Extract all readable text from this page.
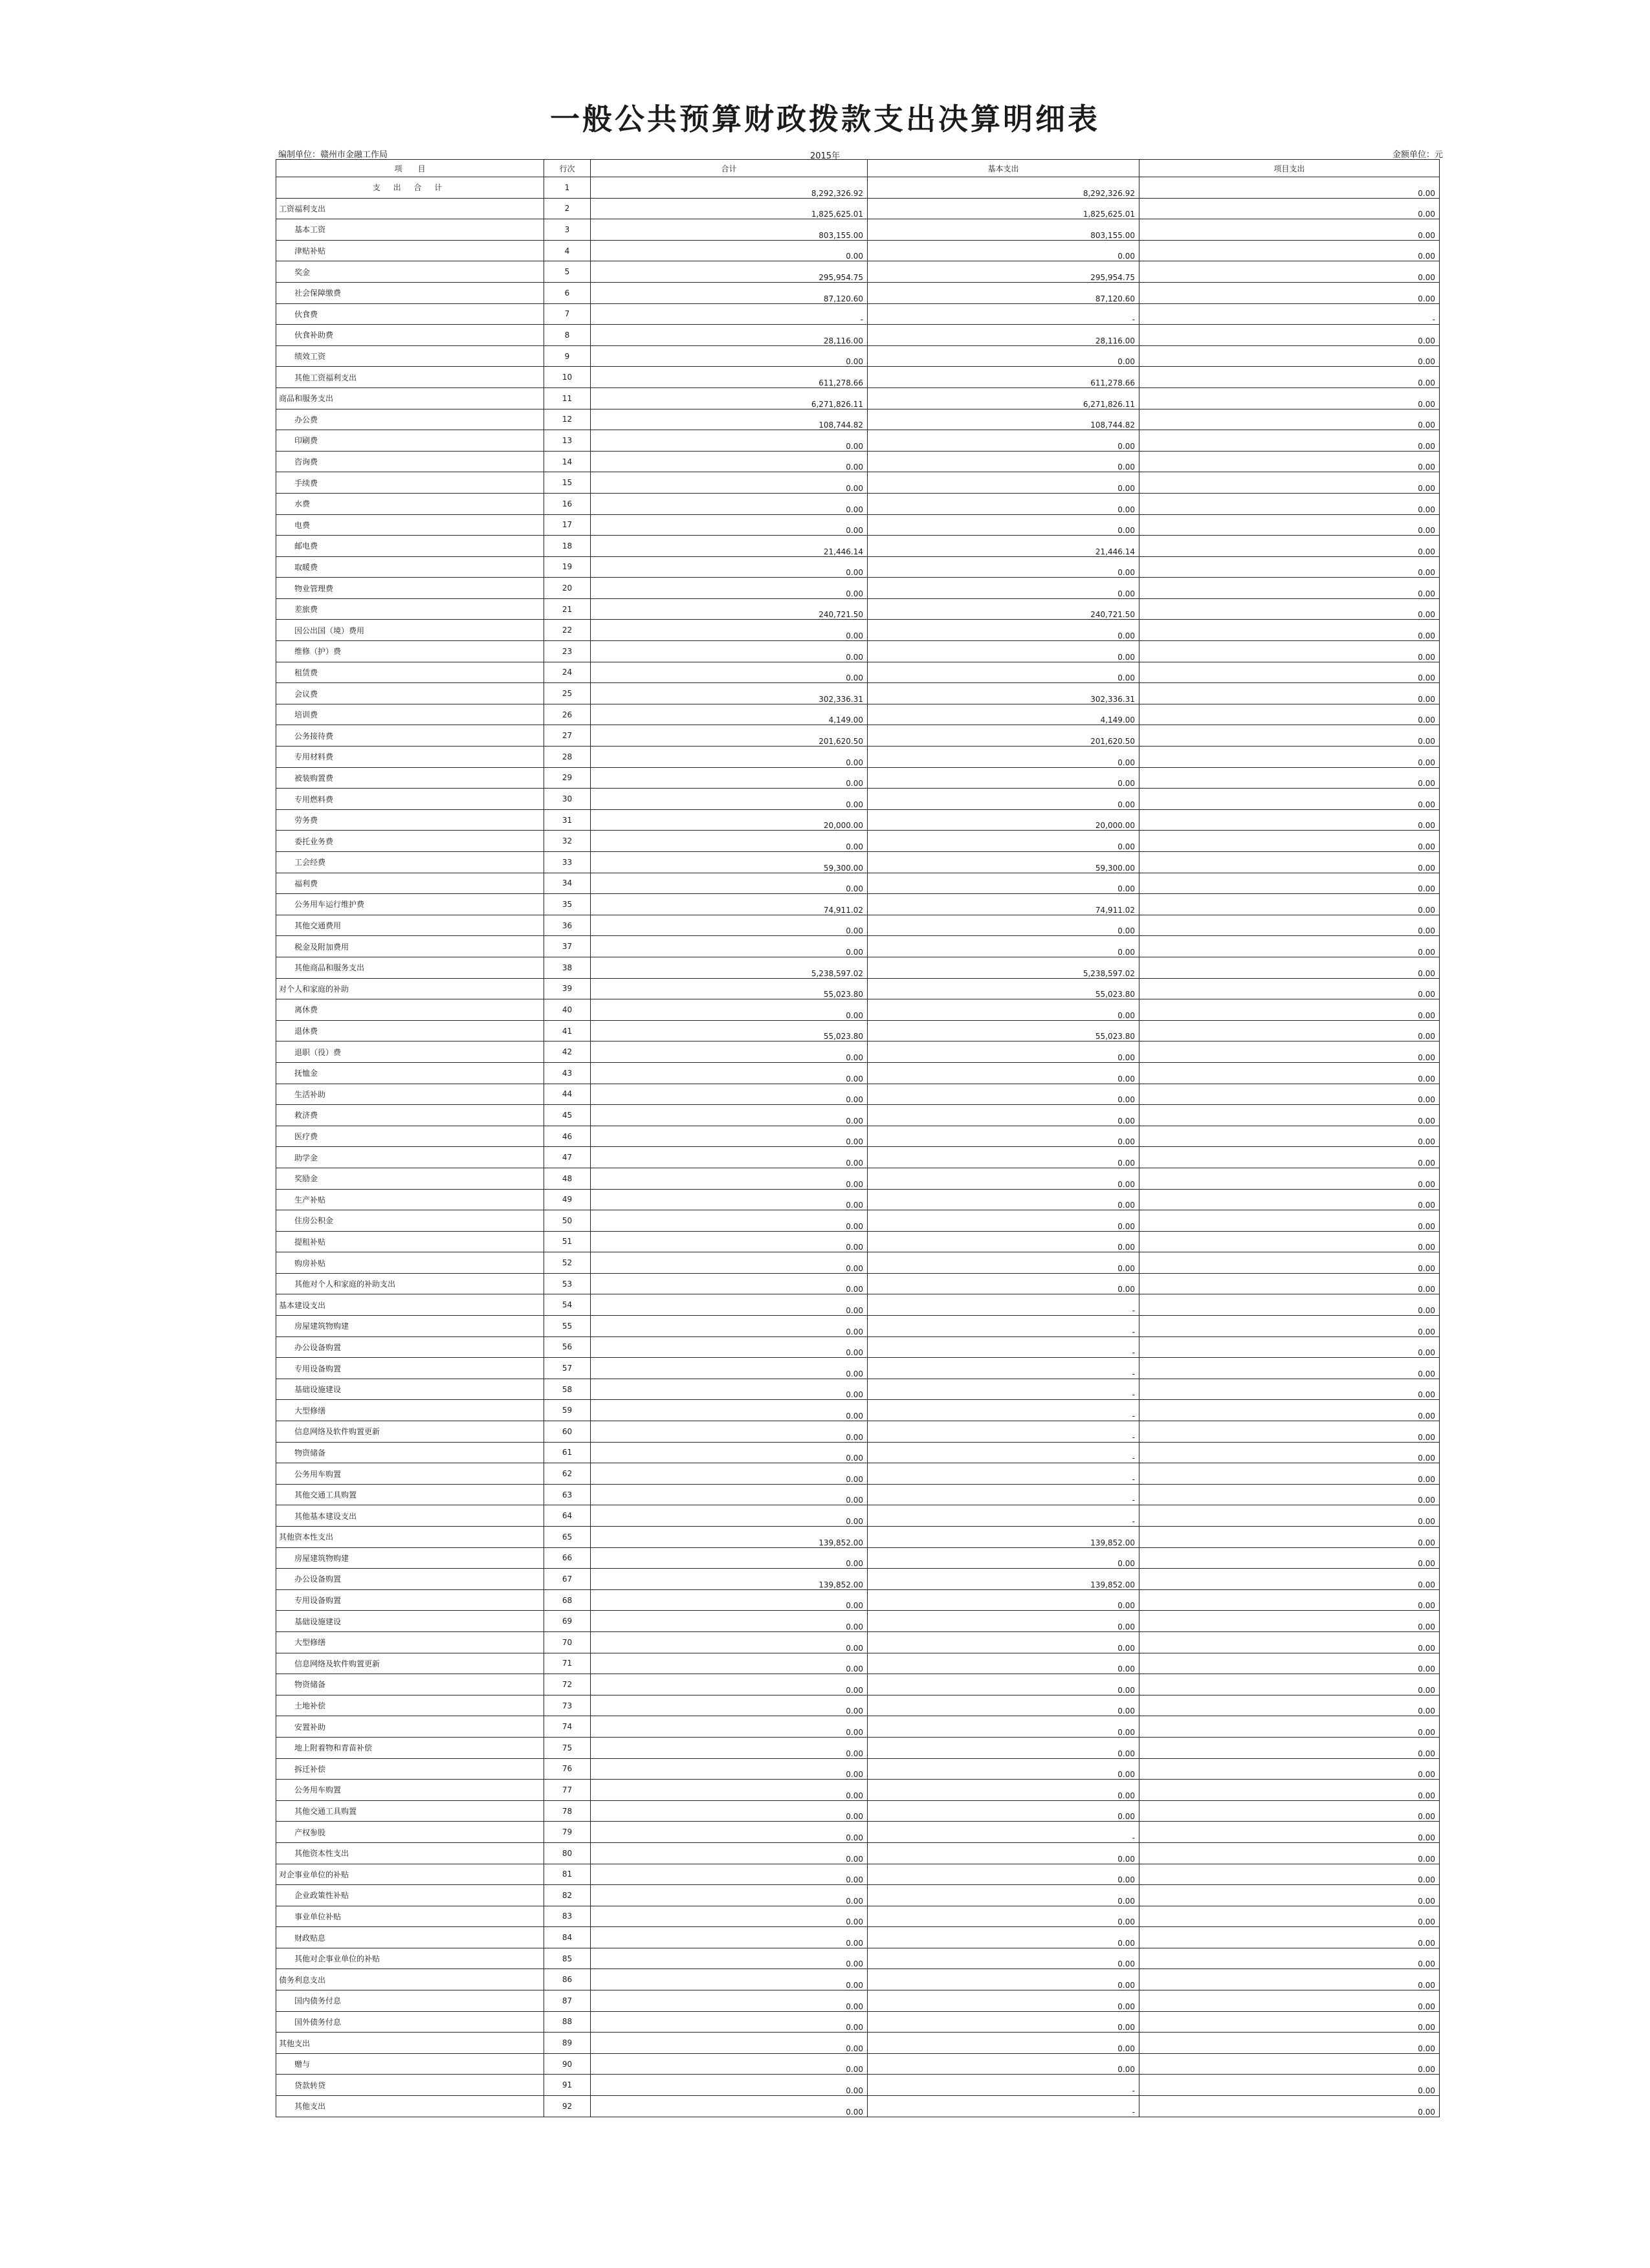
一般公共预算财政拨款支出决算明细表
编制单位：赣州市金融工作局	2015年	金额单位：元
项　　目	行次	合计	基本支出	项目支出
支 出 合 计	1	8,292,326.92	8,292,326.92	0.00
工资福利支出	2	1,825,625.01	1,825,625.01	0.00
基本工资	3	803,155.00	803,155.00	0.00
津贴补贴	4	0.00	0.00	0.00
奖金	5	295,954.75	295,954.75	0.00
社会保障缴费	6	87,120.60	87,120.60	0.00
伙食费	7	-	-	-
伙食补助费	8	28,116.00	28,116.00	0.00
绩效工资	9	0.00	0.00	0.00
其他工资福利支出	10	611,278.66	611,278.66	0.00
商品和服务支出	11	6,271,826.11	6,271,826.11	0.00
办公费	12	108,744.82	108,744.82	0.00
印刷费	13	0.00	0.00	0.00
咨询费	14	0.00	0.00	0.00
手续费	15	0.00	0.00	0.00
水费	16	0.00	0.00	0.00
电费	17	0.00	0.00	0.00
邮电费	18	21,446.14	21,446.14	0.00
取暖费	19	0.00	0.00	0.00
物业管理费	20	0.00	0.00	0.00
差旅费	21	240,721.50	240,721.50	0.00
因公出国（境）费用	22	0.00	0.00	0.00
维修（护）费	23	0.00	0.00	0.00
租赁费	24	0.00	0.00	0.00
会议费	25	302,336.31	302,336.31	0.00
培训费	26	4,149.00	4,149.00	0.00
公务接待费	27	201,620.50	201,620.50	0.00
专用材料费	28	0.00	0.00	0.00
被装购置费	29	0.00	0.00	0.00
专用燃料费	30	0.00	0.00	0.00
劳务费	31	20,000.00	20,000.00	0.00
委托业务费	32	0.00	0.00	0.00
工会经费	33	59,300.00	59,300.00	0.00
福利费	34	0.00	0.00	0.00
公务用车运行维护费	35	74,911.02	74,911.02	0.00
其他交通费用	36	0.00	0.00	0.00
税金及附加费用	37	0.00	0.00	0.00
其他商品和服务支出	38	5,238,597.02	5,238,597.02	0.00
对个人和家庭的补助	39	55,023.80	55,023.80	0.00
离休费	40	0.00	0.00	0.00
退休费	41	55,023.80	55,023.80	0.00
退职（役）费	42	0.00	0.00	0.00
抚恤金	43	0.00	0.00	0.00
生活补助	44	0.00	0.00	0.00
救济费	45	0.00	0.00	0.00
医疗费	46	0.00	0.00	0.00
助学金	47	0.00	0.00	0.00
奖励金	48	0.00	0.00	0.00
生产补贴	49	0.00	0.00	0.00
住房公积金	50	0.00	0.00	0.00
提租补贴	51	0.00	0.00	0.00
购房补贴	52	0.00	0.00	0.00
其他对个人和家庭的补助支出	53	0.00	0.00	0.00
基本建设支出	54	0.00	-	0.00
房屋建筑物购建	55	0.00	-	0.00
办公设备购置	56	0.00	-	0.00
专用设备购置	57	0.00	-	0.00
基础设施建设	58	0.00	-	0.00
大型修缮	59	0.00	-	0.00
信息网络及软件购置更新	60	0.00	-	0.00
物资储备	61	0.00	-	0.00
公务用车购置	62	0.00	-	0.00
其他交通工具购置	63	0.00	-	0.00
其他基本建设支出	64	0.00	-	0.00
其他资本性支出	65	139,852.00	139,852.00	0.00
房屋建筑物购建	66	0.00	0.00	0.00
办公设备购置	67	139,852.00	139,852.00	0.00
专用设备购置	68	0.00	0.00	0.00
基础设施建设	69	0.00	0.00	0.00
大型修缮	70	0.00	0.00	0.00
信息网络及软件购置更新	71	0.00	0.00	0.00
物资储备	72	0.00	0.00	0.00
土地补偿	73	0.00	0.00	0.00
安置补助	74	0.00	0.00	0.00
地上附着物和青苗补偿	75	0.00	0.00	0.00
拆迁补偿	76	0.00	0.00	0.00
公务用车购置	77	0.00	0.00	0.00
其他交通工具购置	78	0.00	0.00	0.00
产权参股	79	0.00	-	0.00
其他资本性支出	80	0.00	0.00	0.00
对企事业单位的补贴	81	0.00	0.00	0.00
企业政策性补贴	82	0.00	0.00	0.00
事业单位补贴	83	0.00	0.00	0.00
财政贴息	84	0.00	0.00	0.00
其他对企事业单位的补贴	85	0.00	0.00	0.00
债务利息支出	86	0.00	0.00	0.00
国内债务付息	87	0.00	0.00	0.00
国外债务付息	88	0.00	0.00	0.00
其他支出	89	0.00	0.00	0.00
赠与	90	0.00	0.00	0.00
贷款转贷	91	0.00	-	0.00
其他支出	92	0.00	-	0.00
